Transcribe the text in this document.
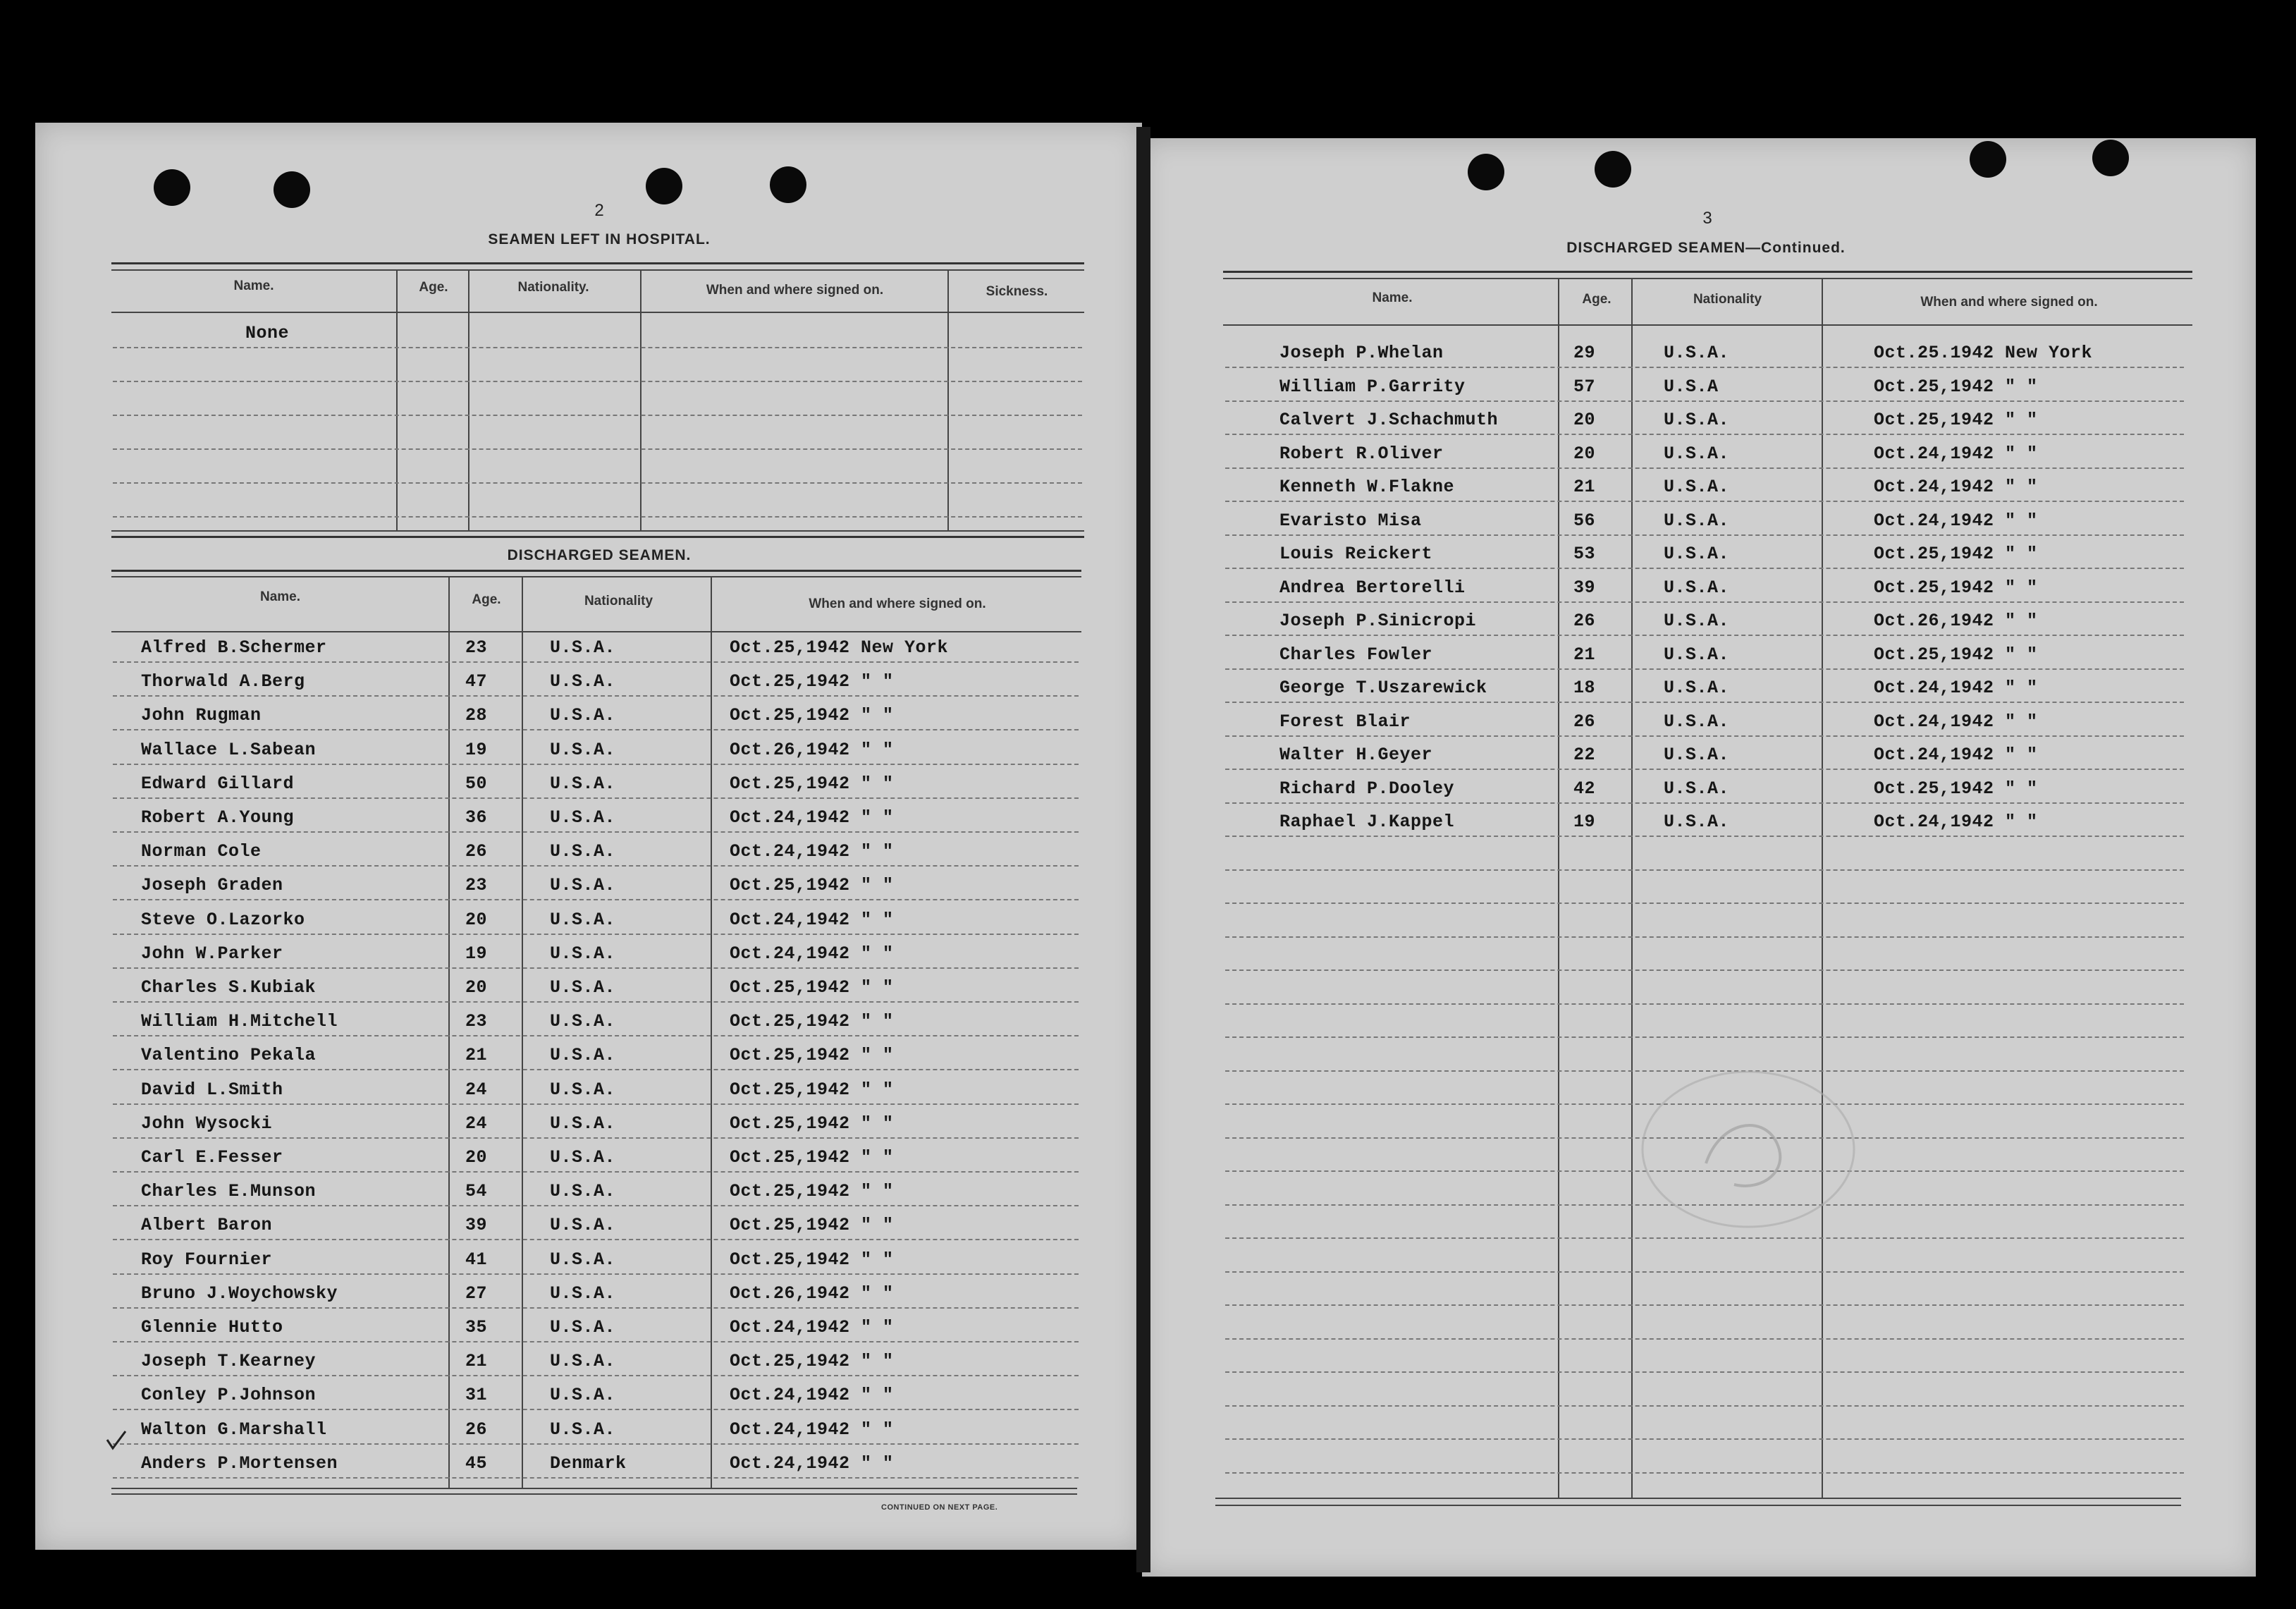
2
SEAMEN LEFT IN HOSPITAL.
Name.	Age.	Nationality.	When and where signed on.	Sickness.
None
DISCHARGED SEAMEN.
Name.	Age.	Nationality	When and where signed on.
Alfred B.Schermer	23	U.S.A.	Oct.25,1942 New York
Thorwald A.Berg	47	U.S.A.	Oct.25,1942 " "
John Rugman	28	U.S.A.	Oct.25,1942 " "
Wallace L.Sabean	19	U.S.A.	Oct.26,1942 " "
Edward Gillard	50	U.S.A.	Oct.25,1942 " "
Robert A.Young	36	U.S.A.	Oct.24,1942 " "
Norman Cole	26	U.S.A.	Oct.24,1942 " "
Joseph Graden	23	U.S.A.	Oct.25,1942 " "
Steve O.Lazorko	20	U.S.A.	Oct.24,1942 " "
John W.Parker	19	U.S.A.	Oct.24,1942 " "
Charles S.Kubiak	20	U.S.A.	Oct.25,1942 " "
William H.Mitchell	23	U.S.A.	Oct.25,1942 " "
Valentino Pekala	21	U.S.A.	Oct.25,1942 " "
David L.Smith	24	U.S.A.	Oct.25,1942 " "
John Wysocki	24	U.S.A.	Oct.25,1942 " "
Carl E.Fesser	20	U.S.A.	Oct.25,1942 " "
Charles E.Munson	54	U.S.A.	Oct.25,1942 " "
Albert Baron	39	U.S.A.	Oct.25,1942 " "
Roy Fournier	41	U.S.A.	Oct.25,1942 " "
Bruno J.Woychowsky	27	U.S.A.	Oct.26,1942 " "
Glennie Hutto	35	U.S.A.	Oct.24,1942 " "
Joseph T.Kearney	21	U.S.A.	Oct.25,1942 " "
Conley P.Johnson	31	U.S.A.	Oct.24,1942 " "
Walton G.Marshall	26	U.S.A.	Oct.24,1942 " "
Anders P.Mortensen	45	Denmark	Oct.24,1942 " "
CONTINUED ON NEXT PAGE.
3
DISCHARGED SEAMEN—Continued.
Name.	Age.	Nationality	When and where signed on.
Joseph P.Whelan	29	U.S.A.	Oct.25.1942 New York
William P.Garrity	57	U.S.A	Oct.25,1942 " "
Calvert J.Schachmuth	20	U.S.A.	Oct.25,1942 " "
Robert R.Oliver	20	U.S.A.	Oct.24,1942 " "
Kenneth W.Flakne	21	U.S.A.	Oct.24,1942 " "
Evaristo Misa	56	U.S.A.	Oct.24,1942 " "
Louis Reickert	53	U.S.A.	Oct.25,1942 " "
Andrea Bertorelli	39	U.S.A.	Oct.25,1942 " "
Joseph P.Sinicropi	26	U.S.A.	Oct.26,1942 " "
Charles Fowler	21	U.S.A.	Oct.25,1942 " "
George T.Uszarewick	18	U.S.A.	Oct.24,1942 " "
Forest Blair	26	U.S.A.	Oct.24,1942 " "
Walter H.Geyer	22	U.S.A.	Oct.24,1942 " "
Richard P.Dooley	42	U.S.A.	Oct.25,1942 " "
Raphael J.Kappel	19	U.S.A.	Oct.24,1942 " "
